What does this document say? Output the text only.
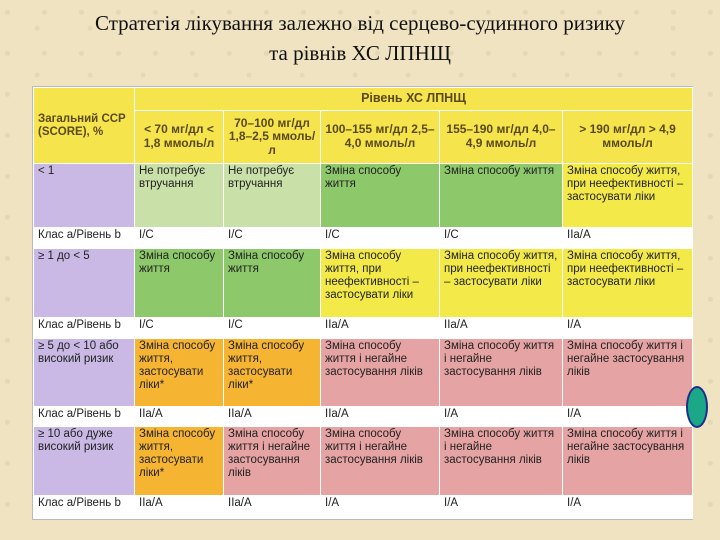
Стратегія лікування залежно від серцево-судинного ризику
та рівнів ХС ЛПНЩ
Загальний ССР (SCORE), %	Рівень ХС ЛПНЩ				
	< 70 мг/дл < 1,8 ммоль/л	70–100 мг/дл 1,8–2,5 ммоль/л	100–155 мг/дл 2,5–4,0 ммоль/л	155–190 мг/дл 4,0–4,9 ммоль/л	> 190 мг/дл > 4,9 ммоль/л
< 1	Не потребує втручання	Не потребує втручання	Зміна способу життя	Зміна способу життя	Зміна способу життя, при неефективності – застосувати ліки
Клас a/Рівень b	I/C	I/C	I/C	I/C	IIa/A
≥ 1 до < 5	Зміна способу життя	Зміна способу життя	Зміна способу життя, при неефективності – застосувати ліки	Зміна способу життя, при неефективності – застосувати ліки	Зміна способу життя, при неефективності – застосувати ліки
Клас a/Рівень b	I/C	I/C	IIa/A	IIa/A	I/A
≥ 5 до < 10 або високий ризик	Зміна способу життя, застосувати ліки*	Зміна способу життя, застосувати ліки*	Зміна способу життя і негайне застосування ліків	Зміна способу життя і негайне застосування ліків	Зміна способу життя і негайне застосування ліків
Клас a/Рівень b	IIa/A	IIa/A	IIa/A	I/A	I/A
≥ 10 або дуже високий ризик	Зміна способу життя, застосувати ліки*	Зміна способу життя і негайне застосування ліків	Зміна способу життя і негайне застосування ліків	Зміна способу життя і негайне застосування ліків	Зміна способу життя і негайне застосування ліків
Клас a/Рівень b	IIa/A	IIa/A	I/A	I/A	I/A
